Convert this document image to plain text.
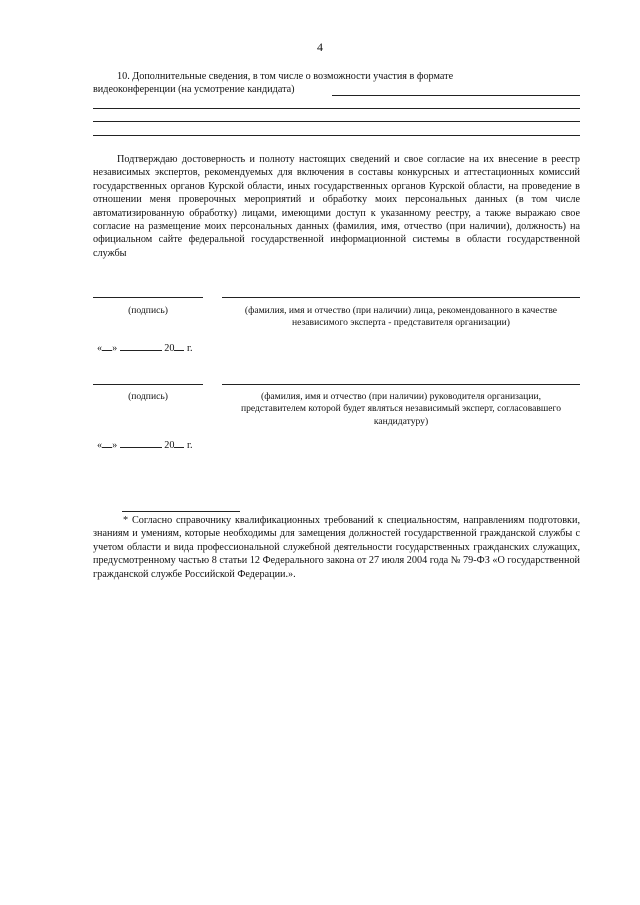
4
10. Дополнительные сведения, в том числе о возможности участия в формате
видеоконференции (на усмотрение кандидата)
Подтверждаю достоверность и полноту настоящих сведений и свое согласие на их внесение в реестр независимых экспертов, рекомендуемых для включения в составы конкурсных и аттестационных комиссий государственных органов Курской области, иных государственных органов Курской области, на проведение в отношении меня проверочных мероприятий и обработку моих персональных данных (в том числе автоматизированную обработку) лицами, имеющими доступ к указанному реестру, а также выражаю свое согласие на размещение моих персональных данных (фамилия, имя, отчество (при наличии), должность) на официальном сайте федеральной государственной информационной системы в области государственной службы
(подпись)	(фамилия, имя и отчество (при наличии) лица, рекомендованного в качестве независимого эксперта - представителя организации)
« »	20 г.
(подпись)	(фамилия, имя и отчество (при наличии) руководителя организации, представителем которой будет являться независимый эксперт, согласовавшего кандидатуру)
« »	20 г.
* Согласно справочнику квалификационных требований к специальностям, направлениям подготовки, знаниям и умениям, которые необходимы для замещения должностей государственной гражданской службы с учетом области и вида профессиональной служебной деятельности государственных гражданских служащих, предусмотренному частью 8 статьи 12 Федерального закона от 27 июля 2004 года № 79-ФЗ «О государственной гражданской службе Российской Федерации.».
